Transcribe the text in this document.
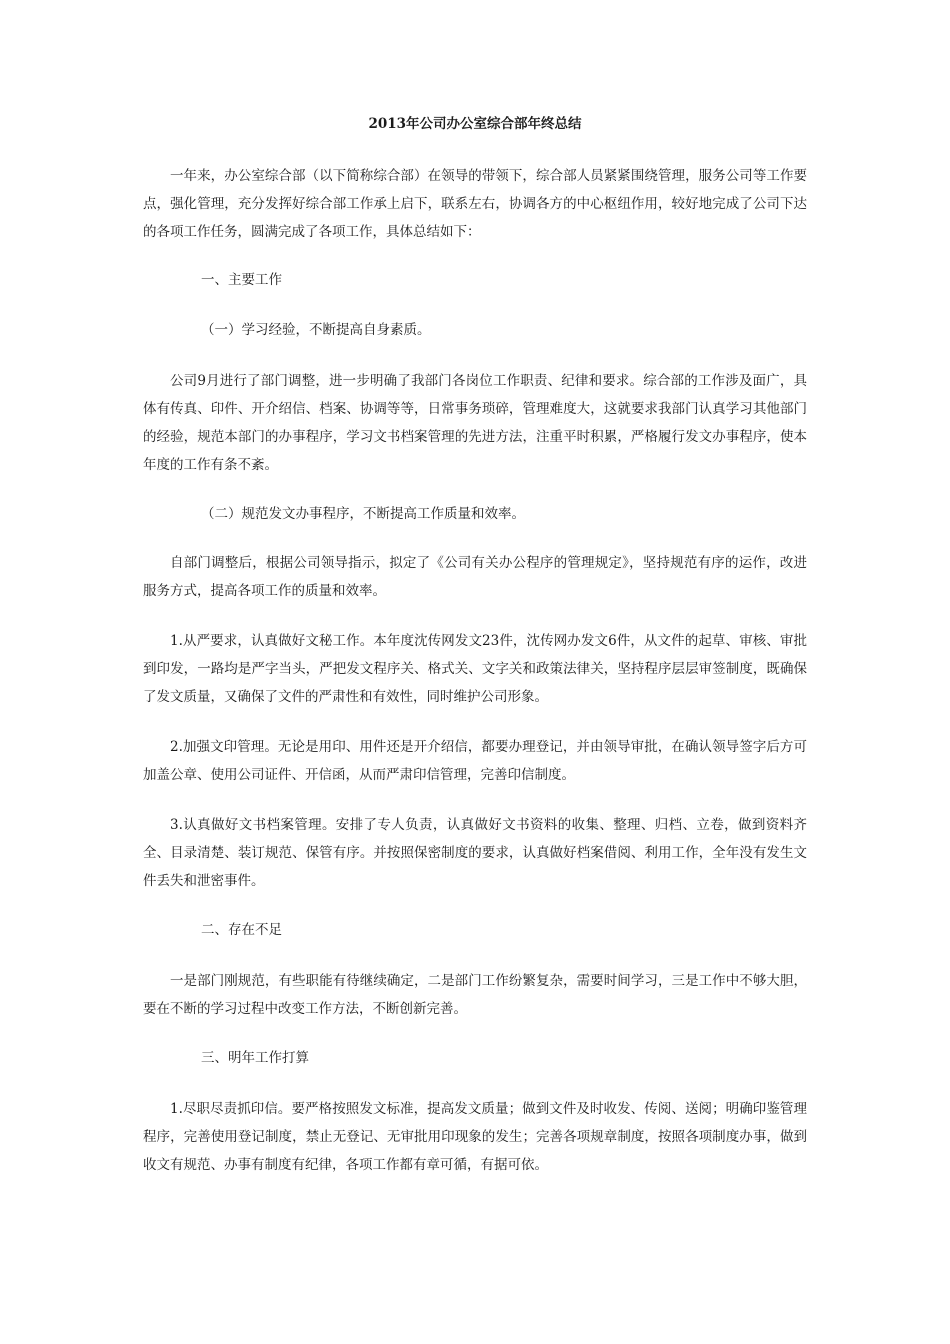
2013年公司办公室综合部年终总结

一年来，办公室综合部（以下简称综合部）在领导的带领下，综合部人员紧紧围绕管理，服务公司等工作要点，强化管理，充分发挥好综合部工作承上启下，联系左右，协调各方的中心枢纽作用，较好地完成了公司下达的各项工作任务，圆满完成了各项工作，具体总结如下：

一、主要工作

（一）学习经验，不断提高自身素质。

公司9月进行了部门调整，进一步明确了我部门各岗位工作职责、纪律和要求。综合部的工作涉及面广，具体有传真、印件、开介绍信、档案、协调等等，日常事务琐碎，管理难度大，这就要求我部门认真学习其他部门的经验，规范本部门的办事程序，学习文书档案管理的先进方法，注重平时积累，严格履行发文办事程序，使本年度的工作有条不紊。

（二）规范发文办事程序，不断提高工作质量和效率。

自部门调整后，根据公司领导指示，拟定了《公司有关办公程序的管理规定》，坚持规范有序的运作，改进服务方式，提高各项工作的质量和效率。

1.从严要求，认真做好文秘工作。本年度沈传网发文23件，沈传网办发文6件，从文件的起草、审核、审批到印发，一路均是严字当头，严把发文程序关、格式关、文字关和政策法律关，坚持程序层层审签制度，既确保了发文质量，又确保了文件的严肃性和有效性，同时维护公司形象。

2.加强文印管理。无论是用印、用件还是开介绍信，都要办理登记，并由领导审批，在确认领导签字后方可加盖公章、使用公司证件、开信函，从而严肃印信管理，完善印信制度。

3.认真做好文书档案管理。安排了专人负责，认真做好文书资料的收集、整理、归档、立卷，做到资料齐全、目录清楚、装订规范、保管有序。并按照保密制度的要求，认真做好档案借阅、利用工作，全年没有发生文件丢失和泄密事件。

二、存在不足

一是部门刚规范，有些职能有待继续确定，二是部门工作纷繁复杂，需要时间学习，三是工作中不够大胆，要在不断的学习过程中改变工作方法，不断创新完善。

三、明年工作打算

1.尽职尽责抓印信。要严格按照发文标准，提高发文质量；做到文件及时收发、传阅、送阅；明确印鉴管理程序，完善使用登记制度，禁止无登记、无审批用印现象的发生；完善各项规章制度，按照各项制度办事，做到收文有规范、办事有制度有纪律，各项工作都有章可循，有据可依。
